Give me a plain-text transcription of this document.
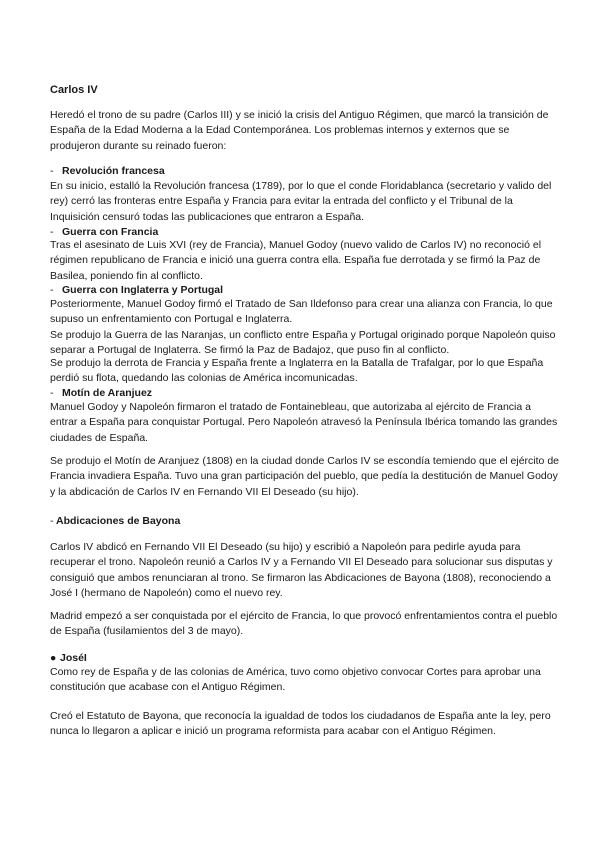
Carlos IV

Heredó el trono de su padre (Carlos III) y se inició la crisis del Antiguo Régimen, que marcó la transición de España de la Edad Moderna a la Edad Contemporánea. Los problemas internos y externos que se produjeron durante su reinado fueron:

- Revolución francesa

En su inicio, estalló la Revolución francesa (1789), por lo que el conde Floridablanca (secretario y valido del rey) cerró las fronteras entre España y Francia para evitar la entrada del conflicto y el Tribunal de la Inquisición censuró todas las publicaciones que entraron a España.

- Guerra con Francia

Tras el asesinato de Luis XVI (rey de Francia), Manuel Godoy (nuevo valido de Carlos IV) no reconoció el régimen republicano de Francia e inició una guerra contra ella. España fue derrotada y se firmó la Paz de Basilea, poniendo fin al conflicto.

- Guerra con Inglaterra y Portugal

Posteriormente, Manuel Godoy firmó el Tratado de San Ildefonso para crear una alianza con Francia, lo que supuso un enfrentamiento con Portugal e Inglaterra.

Se produjo la Guerra de las Naranjas, un conflicto entre España y Portugal originado porque Napoleón quiso separar a Portugal de Inglaterra. Se firmó la Paz de Badajoz, que puso fin al conflicto.

Se produjo la derrota de Francia y España frente a Inglaterra en la Batalla de Trafalgar, por lo que España perdió su flota, quedando las colonias de América incomunicadas.

- Motín de Aranjuez

Manuel Godoy y Napoleón firmaron el tratado de Fontainebleau, que autorizaba al ejército de Francia a entrar a España para conquistar Portugal. Pero Napoleón atravesó la Península Ibérica tomando las grandes ciudades de España.

Se produjo el Motín de Aranjuez (1808) en la ciudad donde Carlos IV se escondía temiendo que el ejército de Francia invadiera España. Tuvo una gran participación del pueblo, que pedía la destitución de Manuel Godoy y la abdicación de Carlos IV en Fernando VII El Deseado (su hijo).

- Abdicaciones de Bayona

Carlos IV abdicó en Fernando VII El Deseado (su hijo) y escribió a Napoleón para pedirle ayuda para recuperar el trono. Napoleón reunió a Carlos IV y a Fernando VII El Deseado para solucionar sus disputas y consiguió que ambos renunciaran al trono. Se firmaron las Abdicaciones de Bayona (1808), reconociendo a José I (hermano de Napoleón) como el nuevo rey.

Madrid empezó a ser conquistada por el ejército de Francia, lo que provocó enfrentamientos contra el pueblo de España (fusilamientos del 3 de mayo).

● JoséI

Como rey de España y de las colonias de América, tuvo como objetivo convocar Cortes para aprobar una constitución que acabase con el Antiguo Régimen.

Creó el Estatuto de Bayona, que reconocía la igualdad de todos los ciudadanos de España ante la ley, pero nunca lo llegaron a aplicar e inició un programa reformista para acabar con el Antiguo Régimen.
